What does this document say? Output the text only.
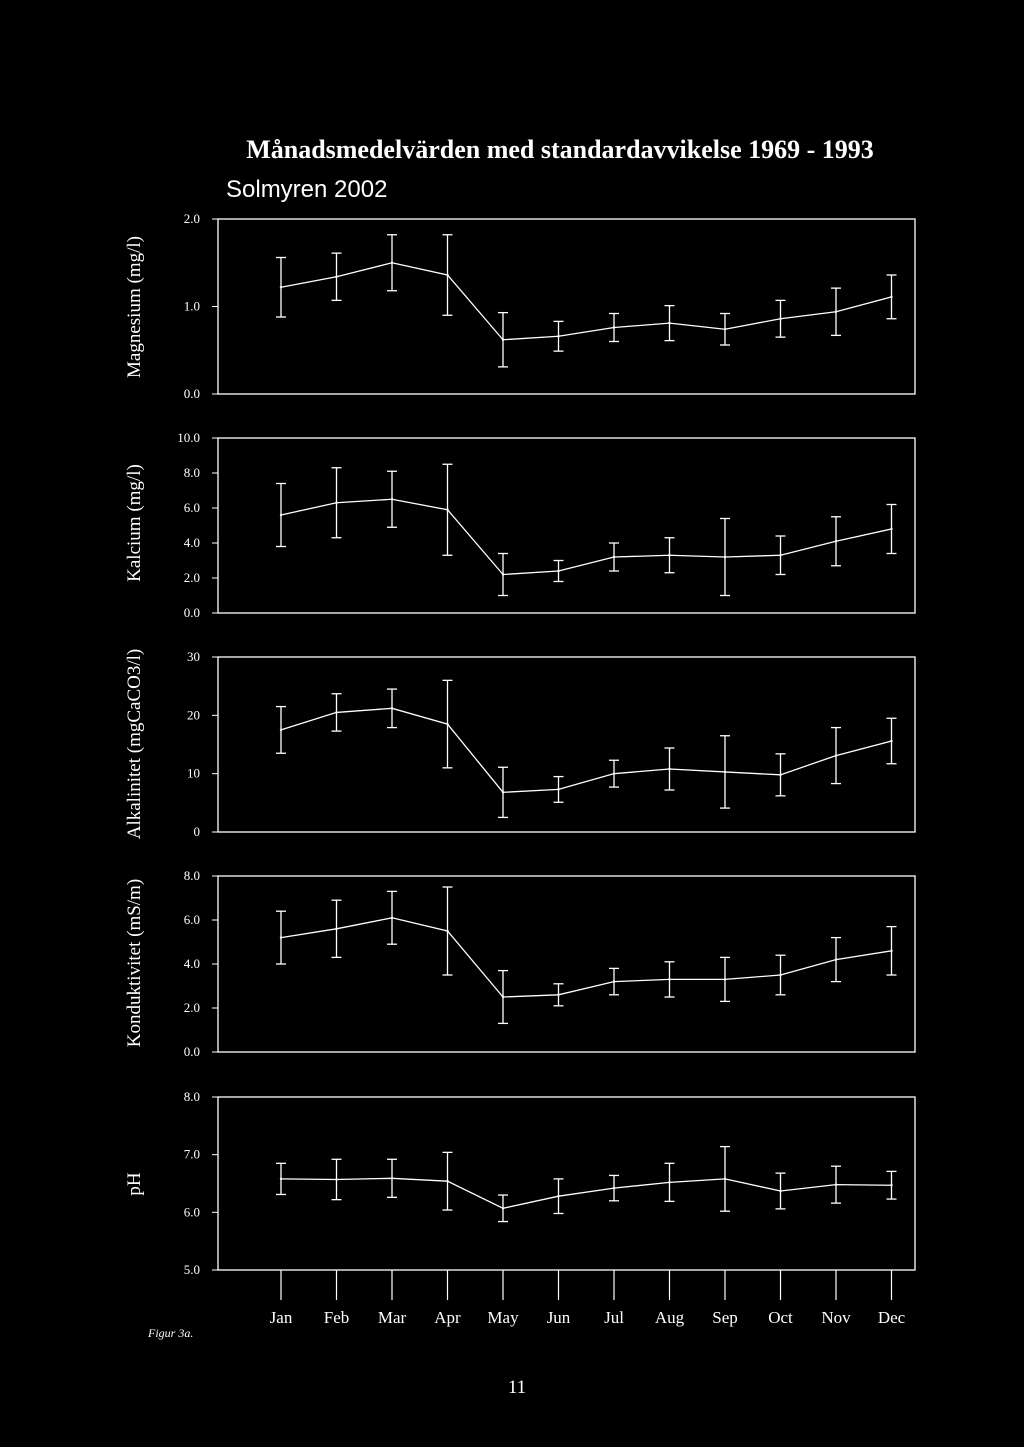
Månadsmedelvärden med standardavvikelse 1969 - 1993
Solmyren 2002
0.0
1.0
2.0
Magnesium (mg/l)
0.0
2.0
4.0
6.0
8.0
10.0
Kalcium (mg/l)
0
10
20
30
Alkalinitet (mgCaCO3/l)
0.0
2.0
4.0
6.0
8.0
Konduktivitet (mS/m)
5.0
6.0
7.0
8.0
pH
Jan Feb Mar Apr May Jun Jul Aug Sep Oct Nov Dec
Figur 3a.
11
